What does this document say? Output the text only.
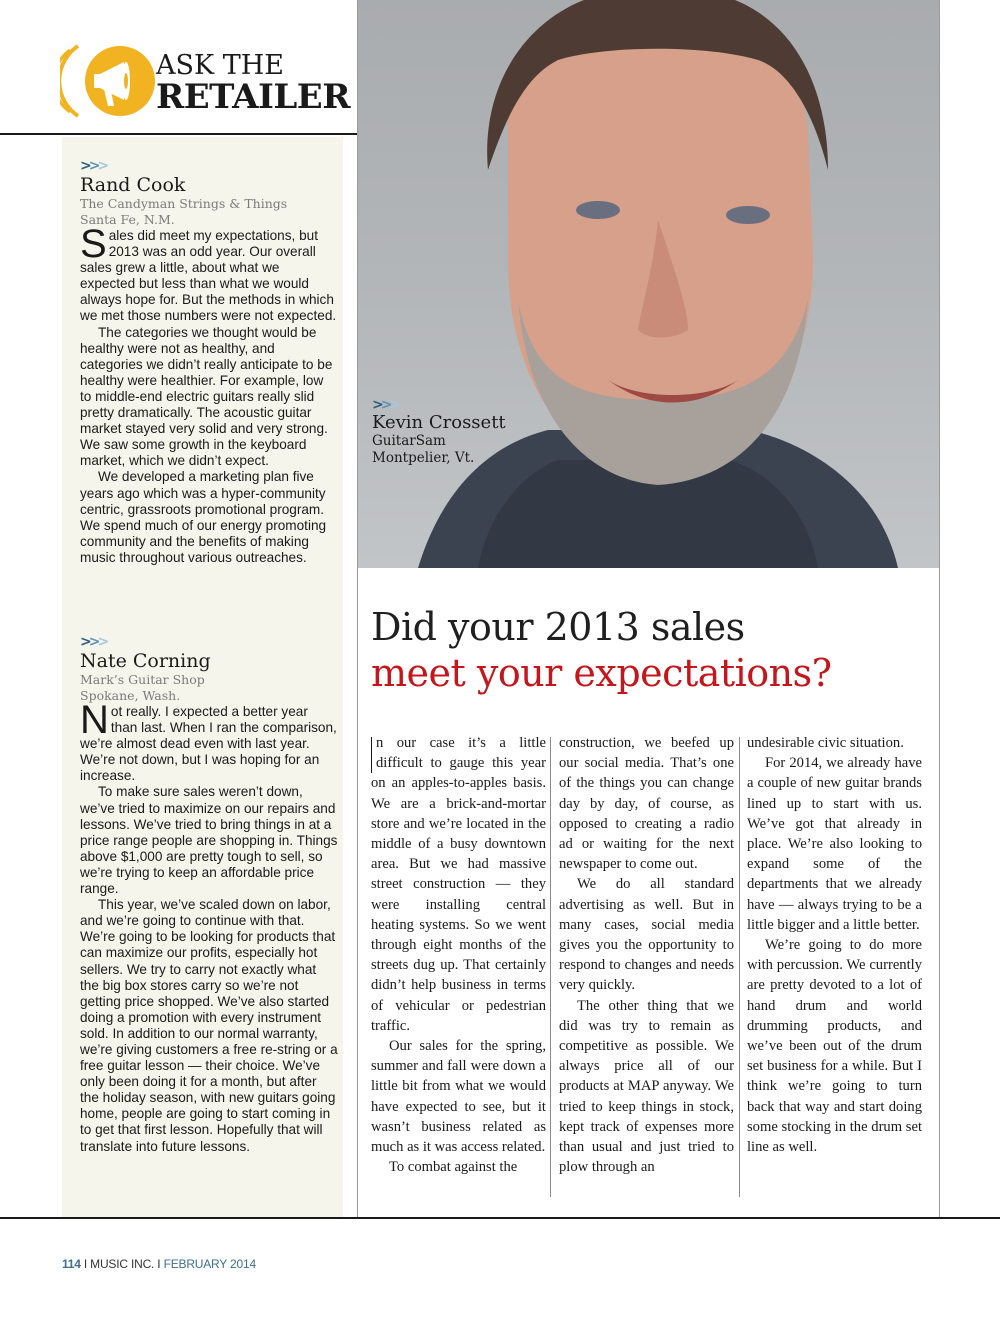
ASK THE
RETAILER
>>>
Rand Cook
The Candyman Strings & Things
Santa Fe, N.M.

Sales did meet my expectations, but 2013 was an odd year. Our overall sales grew a little, about what we expected but less than what we would always hope for. But the methods in which we met those numbers were not expected.

The categories we thought would be healthy were not as healthy, and categories we didn’t really anticipate to be healthy were healthier. For example, low to middle-end electric guitars really slid pretty dramatically. The acoustic guitar market stayed very solid and very strong. We saw some growth in the keyboard market, which we didn’t expect.

We developed a marketing plan five years ago which was a hyper-community centric, grassroots promotional program. We spend much of our energy promoting community and the benefits of making music throughout various outreaches.

>>>
Nate Corning
Mark’s Guitar Shop
Spokane, Wash.

Not really. I expected a better year than last. When I ran the comparison, we’re almost dead even with last year. We’re not down, but I was hoping for an increase.

To make sure sales weren’t down, we’ve tried to maximize on our repairs and lessons. We’ve tried to bring things in at a price range people are shopping in. Things above $1,000 are pretty tough to sell, so we’re trying to keep an affordable price range.

This year, we’ve scaled down on labor, and we’re going to continue with that. We’re going to be looking for products that can maximize our profits, especially hot sellers. We try to carry not exactly what the big box stores carry so we’re not getting price shopped. We’ve also started doing a promotion with every instrument sold. In addition to our normal warranty, we’re giving customers a free re-string or a free guitar lesson — their choice. We’ve only been doing it for a month, but after the holiday season, with new guitars going home, people are going to start coming in to get that first lesson. Hopefully that will translate into future lessons.

>>>
Kevin Crossett
GuitarSam
Montpelier, Vt.
Did your 2013 sales
meet your expectations?

n our case it’s a little difficult to gauge this year on an apples-to-apples basis. We are a brick-and-mortar store and we’re located in the middle of a busy downtown area. But we had massive street construction — they were installing central heating systems. So we went through eight months of the streets dug up. That certainly didn’t help business in terms of vehicular or pedestrian traffic.

Our sales for the spring, summer and fall were down a little bit from what we would have expected to see, but it wasn’t business related as much as it was access related.

To combat against the

construction, we beefed up our social media. That’s one of the things you can change day by day, of course, as opposed to creating a radio ad or waiting for the next newspaper to come out.

We do all standard advertising as well. But in many cases, social media gives you the opportunity to respond to changes and needs very quickly.

The other thing that we did was try to remain as competitive as possible. We always price all of our products at MAP anyway. We tried to keep things in stock, kept track of expenses more than usual and just tried to plow through an

undesirable civic situation.

For 2014, we already have a couple of new guitar brands lined up to start with us. We’ve got that already in place. We’re also looking to expand some of the departments that we already have — always trying to be a little bigger and a little better.

We’re going to do more with percussion. We currently are pretty devoted to a lot of hand drum and world drumming products, and we’ve been out of the drum set business for a while. But I think we’re going to turn back that way and start doing some stocking in the drum set line as well.

114 I MUSIC INC. I FEBRUARY 2014
